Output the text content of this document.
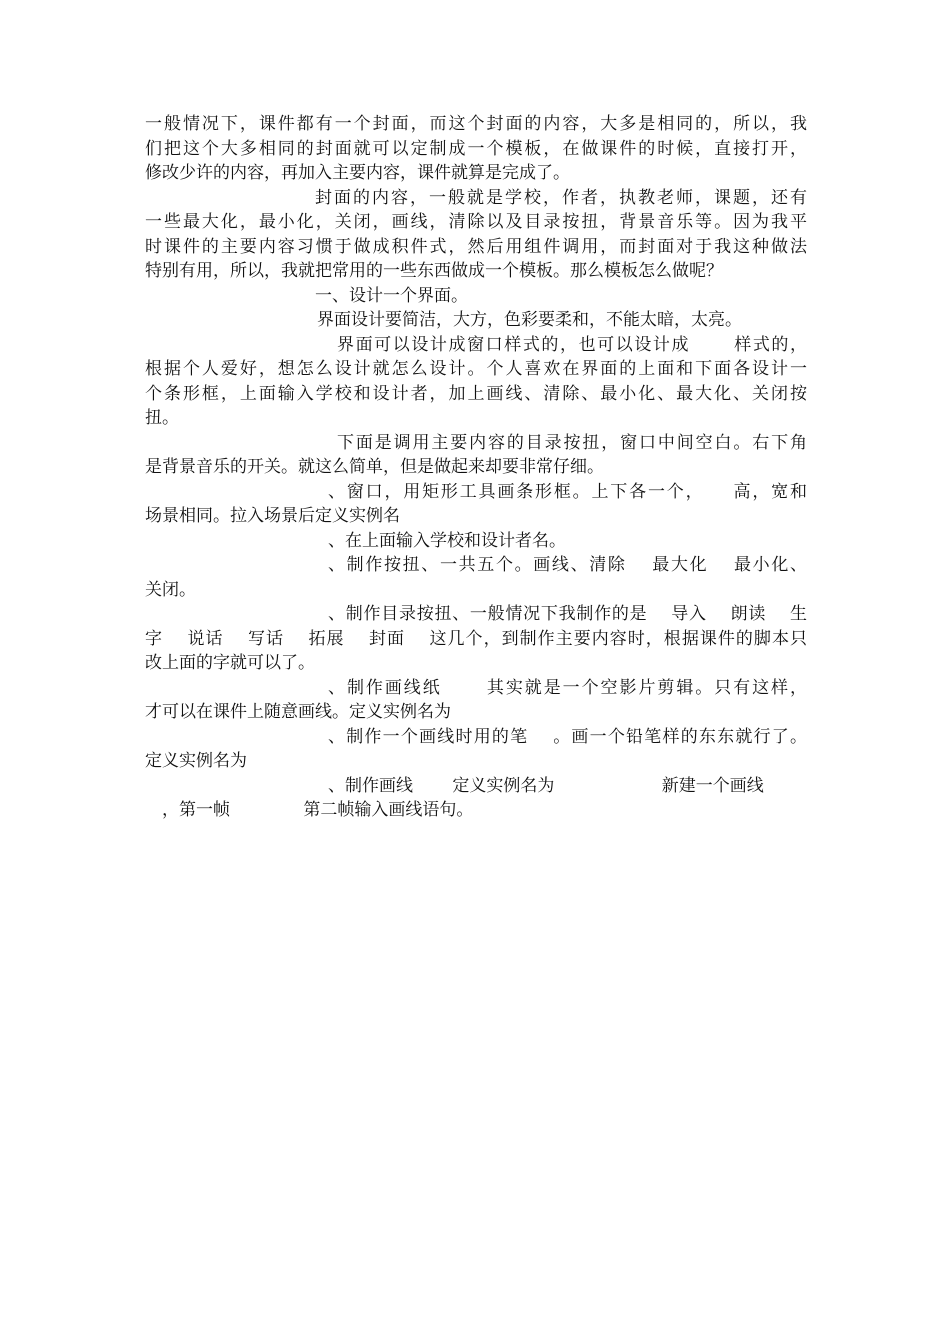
一般情况下，课件都有一个封面，而这个封面的内容，大多是相同的，所以，我
们把这个大多相同的封面就可以定制成一个模板，在做课件的时候，直接打开，
修改少许的内容，再加入主要内容，课件就算是完成了。
封面的内容，一般就是学校，作者，执教老师，课题，还有
一些最大化，最小化，关闭，画线，清除以及目录按扭，背景音乐等。因为我平
时课件的主要内容习惯于做成积件式，然后用组件调用，而封面对于我这种做法
特别有用，所以，我就把常用的一些东西做成一个模板。那么模板怎么做呢？
一、设计一个界面。
界面设计要简洁，大方，色彩要柔和，不能太暗，太亮。
界面可以设计成窗口样式的，也可以设计成　　 样式的，
根据个人爱好，想怎么设计就怎么设计。个人喜欢在界面的上面和下面各设计一
个条形框，上面输入学校和设计者，加上画线、清除、最小化、最大化、关闭按
扭。
下面是调用主要内容的目录按扭，窗口中间空白。右下角
是背景音乐的开关。就这么简单，但是做起来却要非常仔细。
、窗口，用矩形工具画条形框。上下各一个，　　高，宽和
场景相同。拉入场景后定义实例名
、在上面输入学校和设计者名。
、制作按扭、一共五个。画线、清除　 最大化　 最小化、
关闭。
、制作目录按扭、一般情况下我制作的是　 导入　 朗读　 生
字　 说话　 写话　 拓展　 封面　 这几个，到制作主要内容时，根据课件的脚本只
改上面的字就可以了。
、制作画线纸　　 其实就是一个空影片剪辑。只有这样，
才可以在课件上随意画线。定义实例名为
、制作一个画线时用的笔　 。画一个铅笔样的东东就行了。
定义实例名为
、制作画线　　 定义实例名为　　　　　　 新建一个画线
　，第一帧　　　　 第二帧输入画线语句。
